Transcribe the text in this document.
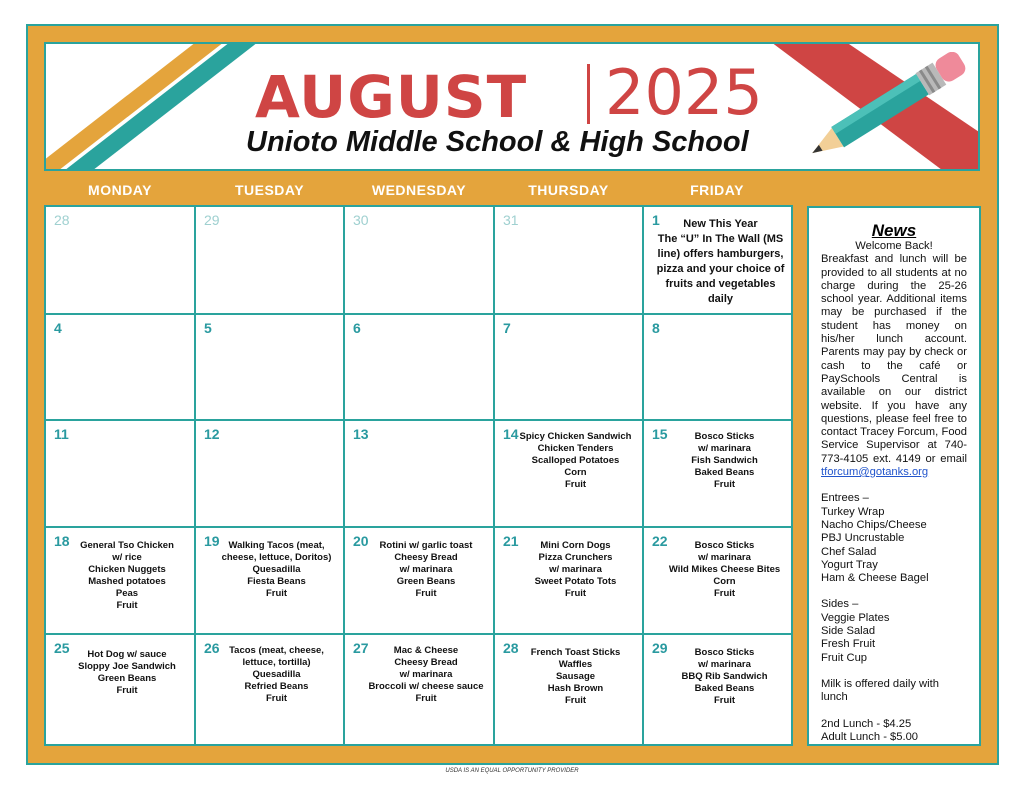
AUGUST 2025
Unioto Middle School & High School
MONDAY	TUESDAY	WEDNESDAY	THURSDAY	FRIDAY
28	29	30	31	1	New This Year
The “U” In The Wall (MS line) offers hamburgers, pizza and your choice of fruits and vegetables daily
4	5	6	7	8
11	12	13	14 Spicy Chicken Sandwich
Chicken Tenders
Scalloped Potatoes
Corn
Fruit
15	Bosco Sticks
w/ marinara
Fish Sandwich
Baked Beans
Fruit
18	General Tso Chicken
w/ rice
Chicken Nuggets
Mashed potatoes
Peas
Fruit
19 Walking Tacos (meat, cheese, lettuce, Doritos)
Quesadilla
Fiesta Beans
Fruit
20	Rotini w/ garlic toast
Cheesy Bread
w/ marinara
Green Beans
Fruit
21	Mini Corn Dogs
Pizza Crunchers
w/ marinara
Sweet Potato Tots
Fruit
22	Bosco Sticks
w/ marinara
Wild Mikes Cheese Bites
Corn
Fruit
25	Hot Dog w/ sauce
Sloppy Joe Sandwich
Green Beans
Fruit
26 Tacos (meat, cheese, lettuce, tortilla)
Quesadilla
Refried Beans
Fruit
27	Mac & Cheese
Cheesy Bread
w/ marinara
Broccoli w/ cheese sauce
Fruit
28	French Toast Sticks
Waffles
Sausage
Hash Brown
Fruit
29	Bosco Sticks
w/ marinara
BBQ Rib Sandwich
Baked Beans
Fruit
News
Welcome Back!
Breakfast and lunch will be provided to all students at no charge during the 25-26 school year. Additional items may be purchased if the student has money on his/her lunch account. Parents may pay by check or cash to the café or PaySchools Central is available on our district website. If you have any questions, please feel free to contact Tracey Forcum, Food Service Supervisor at 740-773-4105 ext. 4149 or email tforcum@gotanks.org
Entrees –
Turkey Wrap
Nacho Chips/Cheese
PBJ Uncrustable
Chef Salad
Yogurt Tray
Ham & Cheese Bagel
Sides –
Veggie Plates
Side Salad
Fresh Fruit
Fruit Cup
Milk is offered daily with lunch
2nd Lunch - $4.25
Adult Lunch - $5.00
USDA IS AN EQUAL OPPORTUNITY PROVIDER
